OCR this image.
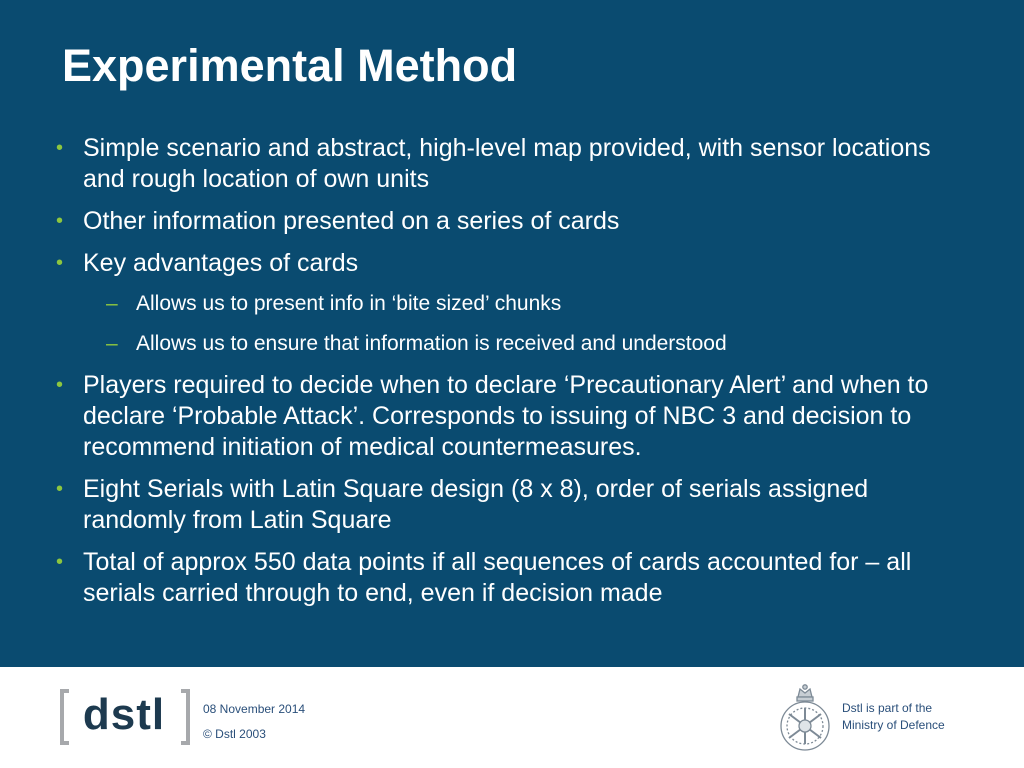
Experimental Method
• Simple scenario and abstract, high-level map provided, with sensor locations and rough location of own units
• Other information presented on a series of cards
• Key advantages of cards
– Allows us to present info in ‘bite sized’ chunks
– Allows us to ensure that information is received and understood
• Players required to decide when to declare ‘Precautionary Alert’ and when to declare ‘Probable Attack’. Corresponds to issuing of NBC 3 and decision to recommend initiation of medical countermeasures.
• Eight Serials with Latin Square design (8 x 8), order of serials assigned randomly from Latin Square
• Total of approx 550 data points if all sequences of cards accounted for – all serials carried through to end, even if decision made
dstl	08 November 2014
© Dstl 2003
Dstl is part of the
Ministry of Defence
